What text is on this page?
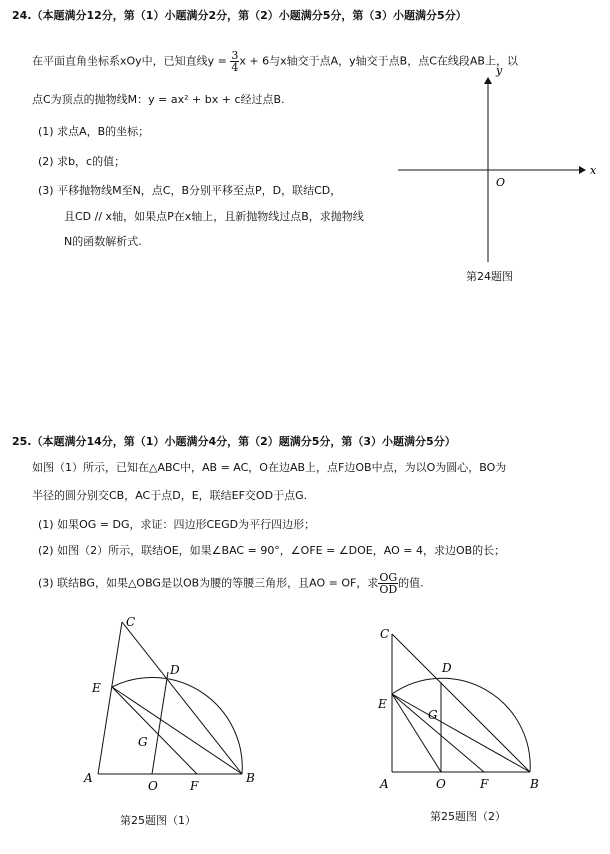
24.（本题满分12分，第（1）小题满分2分，第（2）小题满分5分，第（3）小题满分5分）
在平面直角坐标系xOy中，已知直线$y = \frac{3}{4}$ x + 6与x轴交于点A，y轴交于点B，点C在线段AB上，以
点C为顶点的抛物线M：y = ax² + bx + c经过点B.
(1) 求点A，B的坐标；
(2) 求b，c的值；
(3) 平移抛物线M至N，点C，B分别平移至点P，D，联结CD，
且CD // x轴，如果点P在x轴上，且新抛物线过点B，求抛物线
N的函数解析式.
x
y
O
第24题图
25.（本题满分14分，第（1）小题满分4分，第（2）题满分5分，第（3）小题满分5分）
如图（1）所示，已知在△ABC中，AB = AC，O在边AB上，点F边OB中点，为以O为圆心，BO为
半径的圆分别交CB，AC于点D，E，联结EF交OD于点G.
(1) 如果OG = DG，求证：四边形CEGD为平行四边形；
(2) 如图（2）所示，联结OE，如果∠BAC = 90°，∠OFE = ∠DOE，AO = 4，求边OB的长；
(3) 联结BG，如果△OBG是以OB为腰的等腰三角形，且AO = OF，求 $\frac{OG}{OD}$ 的值.
C
D
E
G
A
O	F
B
第25题图（1）
C
D
E
G
A	O	F	B
第25题图（2）
